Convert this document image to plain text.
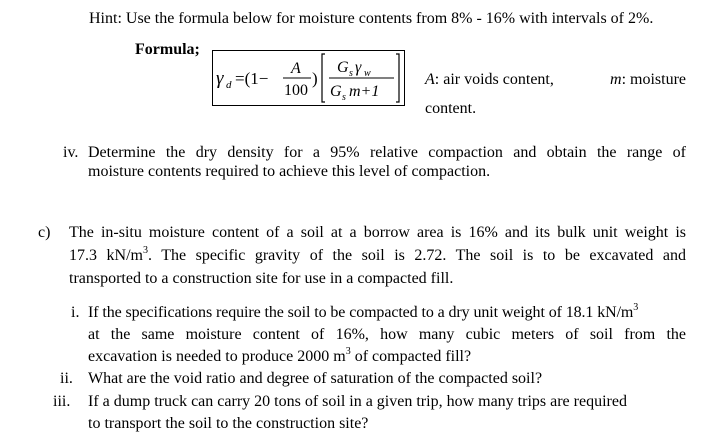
Hint: Use the formula below for moisture contents from 8% - 16% with intervals of 2%.
Formula;
γ d =(1−
A
100
)
G s γ w
G s m+1
A: air voids content,	m: moisture
content.
iv. Determine the dry density for a 95% relative compaction and obtain the range of
moisture contents required to achieve this level of compaction.
c) The in-situ moisture content of a soil at a borrow area is 16% and its bulk unit weight is
17.3 $kN/m^3$. The specific gravity of the soil is 2.72. The soil is to be excavated and
transported to a construction site for use in a compacted fill.
i. If the specifications require the soil to be compacted to a dry unit weight of 18.1 $kN/m^3$
at the same moisture content of 16%, how many cubic meters of soil from the
excavation is needed to produce 2000 $m^3$ of compacted fill?
ii. What are the void ratio and degree of saturation of the compacted soil?
iii. If a dump truck can carry 20 tons of soil in a given trip, how many trips are required
to transport the soil to the construction site?
